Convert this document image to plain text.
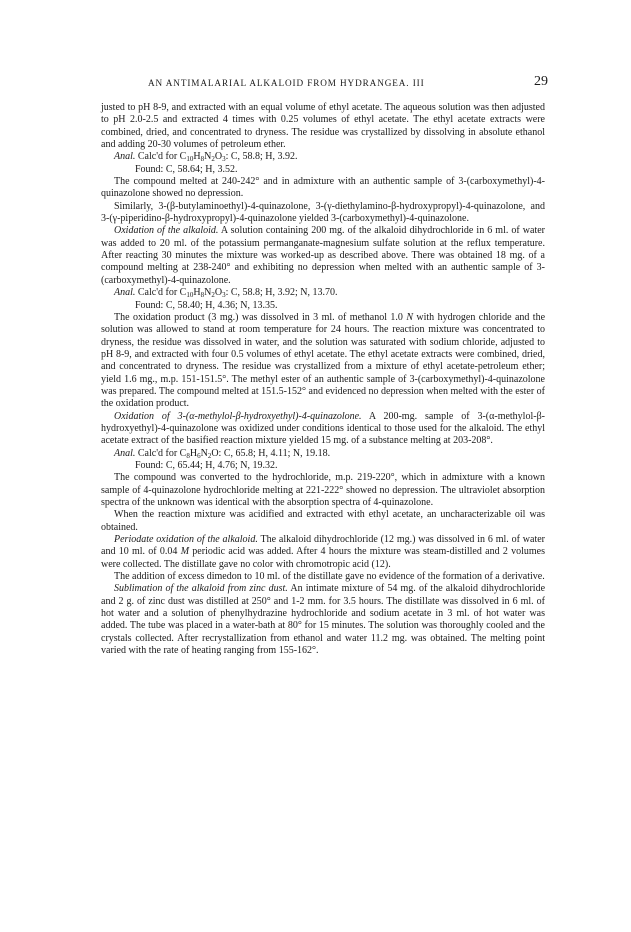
AN ANTIMALARIAL ALKALOID FROM HYDRANGEA. III	29

justed to pH 8-9, and extracted with an equal volume of ethyl acetate. The aqueous solution was then adjusted to pH 2.0-2.5 and extracted 4 times with 0.25 volumes of ethyl acetate. The ethyl acetate extracts were combined, dried, and concentrated to dryness. The residue was crystallized by dissolving in absolute ethanol and adding 20-30 volumes of petroleum ether.

Anal. Calc'd for $C_{10}H_8N_2O_3$: C, 58.8; H, 3.92.

Found: C, 58.64; H, 3.52.

The compound melted at 240-242° and in admixture with an authentic sample of 3-(carboxymethyl)-4-quinazolone showed no depression.

Similarly, 3-(β-butylaminoethyl)-4-quinazolone, 3-(γ-diethylamino-β-hydroxypropyl)-4-quinazolone, and 3-(γ-piperidino-β-hydroxypropyl)-4-quinazolone yielded 3-(carboxymethyl)-4-quinazolone.

Oxidation of the alkaloid. A solution containing 200 mg. of the alkaloid dihydrochloride in 6 ml. of water was added to 20 ml. of the potassium permanganate-magnesium sulfate solution at the reflux temperature. After reacting 30 minutes the mixture was worked-up as described above. There was obtained 18 mg. of a compound melting at 238-240° and exhibiting no depression when melted with an authentic sample of 3-(carboxymethyl)-4-quinazolone.

Anal. Calc'd for $C_{10}H_8N_2O_3$: C, 58.8; H, 3.92; N, 13.70.

Found: C, 58.40; H, 4.36; N, 13.35.

The oxidation product (3 mg.) was dissolved in 3 ml. of methanol 1.0 N with hydrogen chloride and the solution was allowed to stand at room temperature for 24 hours. The reaction mixture was concentrated to dryness, the residue was dissolved in water, and the solution was saturated with sodium chloride, adjusted to pH 8-9, and extracted with four 0.5 volumes of ethyl acetate. The ethyl acetate extracts were combined, dried, and concentrated to dryness. The residue was crystallized from a mixture of ethyl acetate-petroleum ether; yield 1.6 mg., m.p. 151-151.5°. The methyl ester of an authentic sample of 3-(carboxymethyl)-4-quinazolone was prepared. The compound melted at 151.5-152° and evidenced no depression when melted with the ester of the oxidation product.

Oxidation of 3-(α-methylol-β-hydroxyethyl)-4-quinazolone. A 200-mg. sample of 3-(α-methylol-β-hydroxyethyl)-4-quinazolone was oxidized under conditions identical to those used for the alkaloid. The ethyl acetate extract of the basified reaction mixture yielded 15 mg. of a substance melting at 203-208°.

Anal. Calc'd for $C_8H_6N_2O$: C, 65.8; H, 4.11; N, 19.18.

Found: C, 65.44; H, 4.76; N, 19.32.

The compound was converted to the hydrochloride, m.p. 219-220°, which in admixture with a known sample of 4-quinazolone hydrochloride melting at 221-222° showed no depression. The ultraviolet absorption spectra of the unknown was identical with the absorption spectra of 4-quinazolone.

When the reaction mixture was acidified and extracted with ethyl acetate, an uncharacterizable oil was obtained.

Periodate oxidation of the alkaloid. The alkaloid dihydrochloride (12 mg.) was dissolved in 6 ml. of water and 10 ml. of 0.04 M periodic acid was added. After 4 hours the mixture was steam-distilled and 2 volumes were collected. The distillate gave no color with chromotropic acid (12).

The addition of excess dimedon to 10 ml. of the distillate gave no evidence of the formation of a derivative.

Sublimation of the alkaloid from zinc dust. An intimate mixture of 54 mg. of the alkaloid dihydrochloride and 2 g. of zinc dust was distilled at 250° and 1-2 mm. for 3.5 hours. The distillate was dissolved in 6 ml. of hot water and a solution of phenylhydrazine hydrochloride and sodium acetate in 3 ml. of hot water was added. The tube was placed in a water-bath at 80° for 15 minutes. The solution was thoroughly cooled and the crystals collected. After recrystallization from ethanol and water 11.2 mg. was obtained. The melting point varied with the rate of heating ranging from 155-162°.
